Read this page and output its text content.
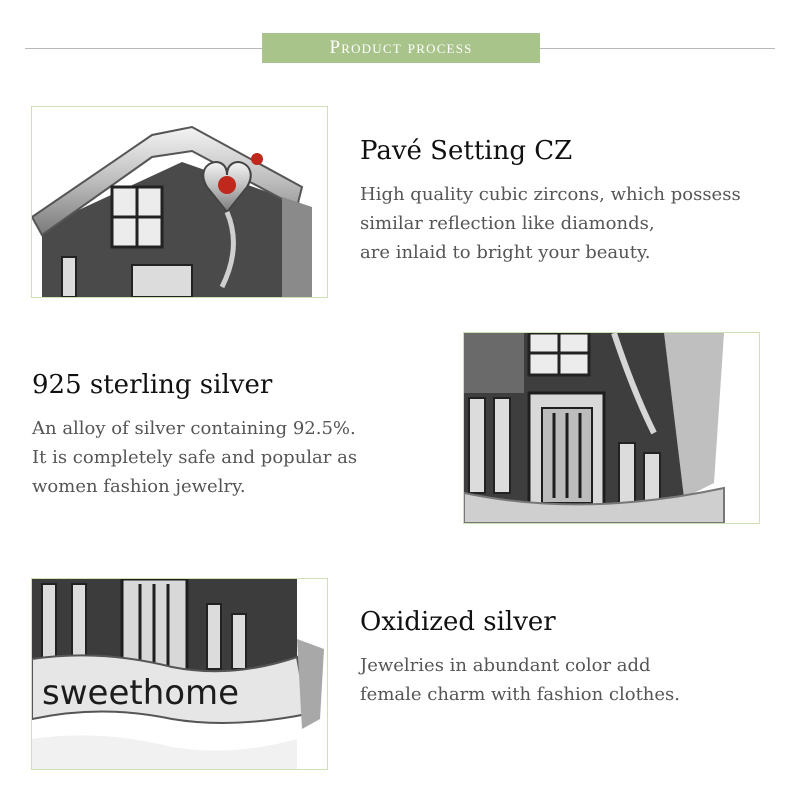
Product process
Pavé Setting CZ
High quality cubic zircons, which possess
similar reflection like diamonds,
are inlaid to bright your beauty.
925 sterling silver
An alloy of silver containing 92.5%.
It is completely safe and popular as
women fashion jewelry.
sweethome
Oxidized silver
Jewelries in abundant color add
female charm with fashion clothes.
